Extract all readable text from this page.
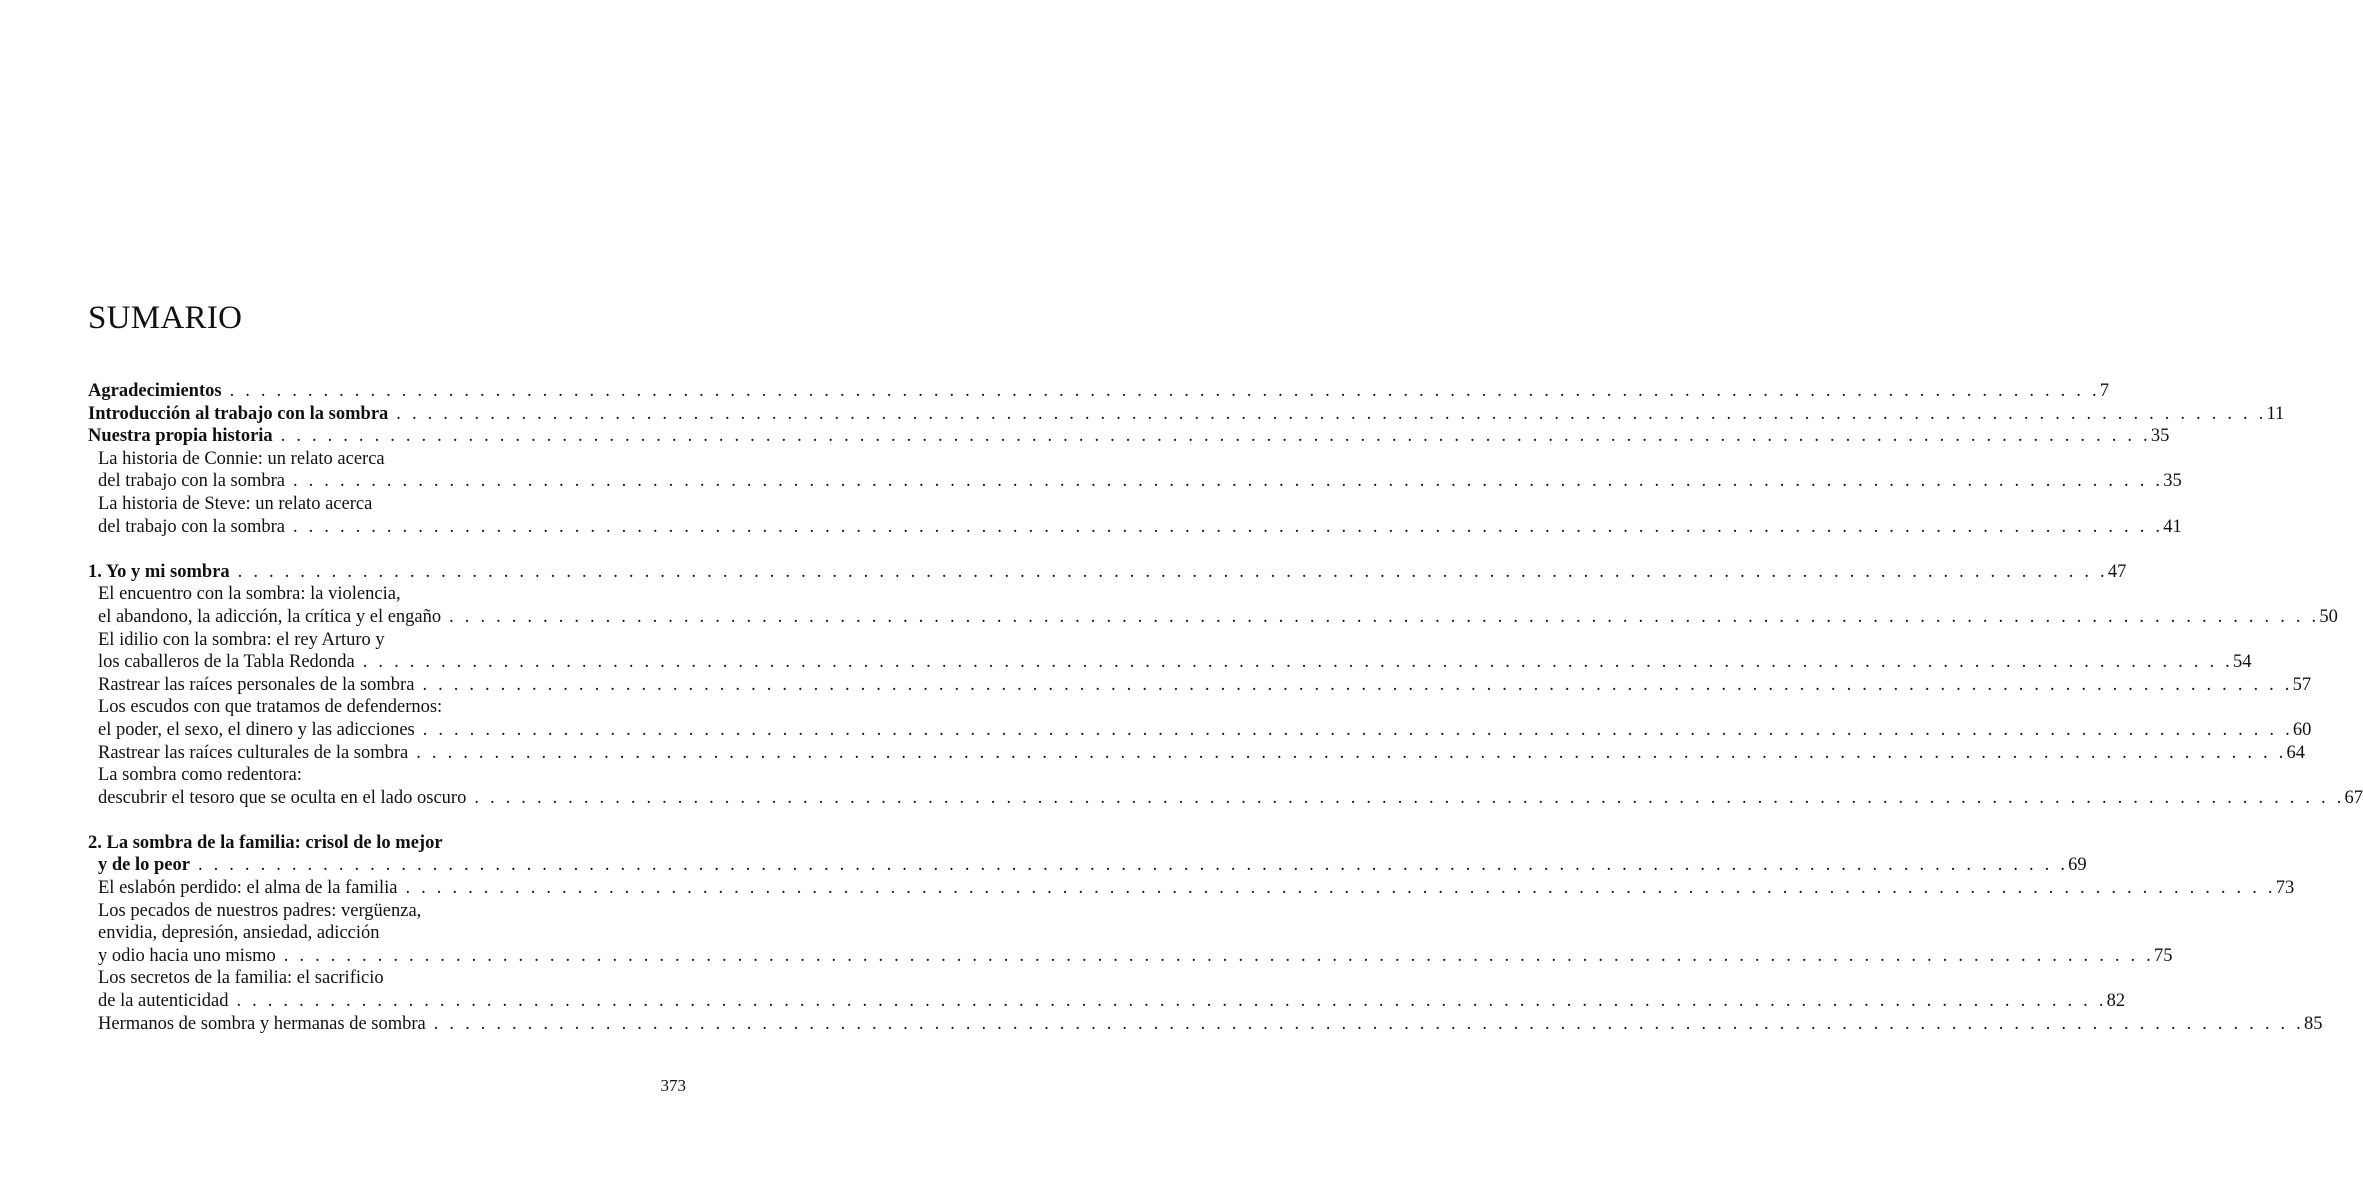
SUMARIO
Agradecimientos . . . . . . . . . . . . . . . . . . . . . . . . . . . . . . . . . . . . . . . . . . . . . . . . . . . . . . . . . . . . . . . . . . . . . . . . . . . . . . . . . . . . . . . . . . . . . . . . . . . . . . . . . . . . . . . . . . . . . . . . 7
Introducción al trabajo con la sombra . . . . . . . . . . . . . . . . . . . . . . . . . . . . . . . . . . . . . . . . . . . . . . . . . . . . . . . . . . . . . . . . . . . . . . . . . . . . . . . . . . . . . . . . . . . . . . . . . . . . . . . . . . . . . . . . . . . . . . . . 11
Nuestra propia historia . . . . . . . . . . . . . . . . . . . . . . . . . . . . . . . . . . . . . . . . . . . . . . . . . . . . . . . . . . . . . . . . . . . . . . . . . . . . . . . . . . . . . . . . . . . . . . . . . . . . . . . . . . . . . . . . . . . . . . . . 35
La historia de Connie: un relato acerca
del trabajo con la sombra . . . . . . . . . . . . . . . . . . . . . . . . . . . . . . . . . . . . . . . . . . . . . . . . . . . . . . . . . . . . . . . . . . . . . . . . . . . . . . . . . . . . . . . . . . . . . . . . . . . . . . . . . . . . . . . . . . . . . . . . 35
La historia de Steve: un relato acerca
del trabajo con la sombra . . . . . . . . . . . . . . . . . . . . . . . . . . . . . . . . . . . . . . . . . . . . . . . . . . . . . . . . . . . . . . . . . . . . . . . . . . . . . . . . . . . . . . . . . . . . . . . . . . . . . . . . . . . . . . . . . . . . . . . . 41
1. Yo y mi sombra . . . . . . . . . . . . . . . . . . . . . . . . . . . . . . . . . . . . . . . . . . . . . . . . . . . . . . . . . . . . . . . . . . . . . . . . . . . . . . . . . . . . . . . . . . . . . . . . . . . . . . . . . . . . . . . . . . . . . . . . 47
El encuentro con la sombra: la violencia,
el abandono, la adicción, la crítica y el engaño . . . . . . . . . . . . . . . . . . . . . . . . . . . . . . . . . . . . . . . . . . . . . . . . . . . . . . . . . . . . . . . . . . . . . . . . . . . . . . . . . . . . . . . . . . . . . . . . . . . . . . . . . . . . . . . . . . . . . . . . 50
El idilio con la sombra: el rey Arturo y
los caballeros de la Tabla Redonda . . . . . . . . . . . . . . . . . . . . . . . . . . . . . . . . . . . . . . . . . . . . . . . . . . . . . . . . . . . . . . . . . . . . . . . . . . . . . . . . . . . . . . . . . . . . . . . . . . . . . . . . . . . . . . . . . . . . . . . . 54
Rastrear las raíces personales de la sombra . . . . . . . . . . . . . . . . . . . . . . . . . . . . . . . . . . . . . . . . . . . . . . . . . . . . . . . . . . . . . . . . . . . . . . . . . . . . . . . . . . . . . . . . . . . . . . . . . . . . . . . . . . . . . . . . . . . . . . . . 57
Los escudos con que tratamos de defendernos:
el poder, el sexo, el dinero y las adicciones . . . . . . . . . . . . . . . . . . . . . . . . . . . . . . . . . . . . . . . . . . . . . . . . . . . . . . . . . . . . . . . . . . . . . . . . . . . . . . . . . . . . . . . . . . . . . . . . . . . . . . . . . . . . . . . . . . . . . . . . 60
Rastrear las raíces culturales de la sombra . . . . . . . . . . . . . . . . . . . . . . . . . . . . . . . . . . . . . . . . . . . . . . . . . . . . . . . . . . . . . . . . . . . . . . . . . . . . . . . . . . . . . . . . . . . . . . . . . . . . . . . . . . . . . . . . . . . . . . . . 64
La sombra como redentora:
descubrir el tesoro que se oculta en el lado oscuro . . . . . . . . . . . . . . . . . . . . . . . . . . . . . . . . . . . . . . . . . . . . . . . . . . . . . . . . . . . . . . . . . . . . . . . . . . . . . . . . . . . . . . . . . . . . . . . . . . . . . . . . . . . . . . . . . . . . . . . . 67
2. La sombra de la familia: crisol de lo mejor
y de lo peor . . . . . . . . . . . . . . . . . . . . . . . . . . . . . . . . . . . . . . . . . . . . . . . . . . . . . . . . . . . . . . . . . . . . . . . . . . . . . . . . . . . . . . . . . . . . . . . . . . . . . . . . . . . . . . . . . . . . . . . . 69
El eslabón perdido: el alma de la familia . . . . . . . . . . . . . . . . . . . . . . . . . . . . . . . . . . . . . . . . . . . . . . . . . . . . . . . . . . . . . . . . . . . . . . . . . . . . . . . . . . . . . . . . . . . . . . . . . . . . . . . . . . . . . . . . . . . . . . . . 73
Los pecados de nuestros padres: vergüenza,
envidia, depresión, ansiedad, adicción
y odio hacia uno mismo . . . . . . . . . . . . . . . . . . . . . . . . . . . . . . . . . . . . . . . . . . . . . . . . . . . . . . . . . . . . . . . . . . . . . . . . . . . . . . . . . . . . . . . . . . . . . . . . . . . . . . . . . . . . . . . . . . . . . . . . 75
Los secretos de la familia: el sacrificio
de la autenticidad . . . . . . . . . . . . . . . . . . . . . . . . . . . . . . . . . . . . . . . . . . . . . . . . . . . . . . . . . . . . . . . . . . . . . . . . . . . . . . . . . . . . . . . . . . . . . . . . . . . . . . . . . . . . . . . . . . . . . . . . 82
Hermanos de sombra y hermanas de sombra . . . . . . . . . . . . . . . . . . . . . . . . . . . . . . . . . . . . . . . . . . . . . . . . . . . . . . . . . . . . . . . . . . . . . . . . . . . . . . . . . . . . . . . . . . . . . . . . . . . . . . . . . . . . . . . . . . . . . . . . 85
373
